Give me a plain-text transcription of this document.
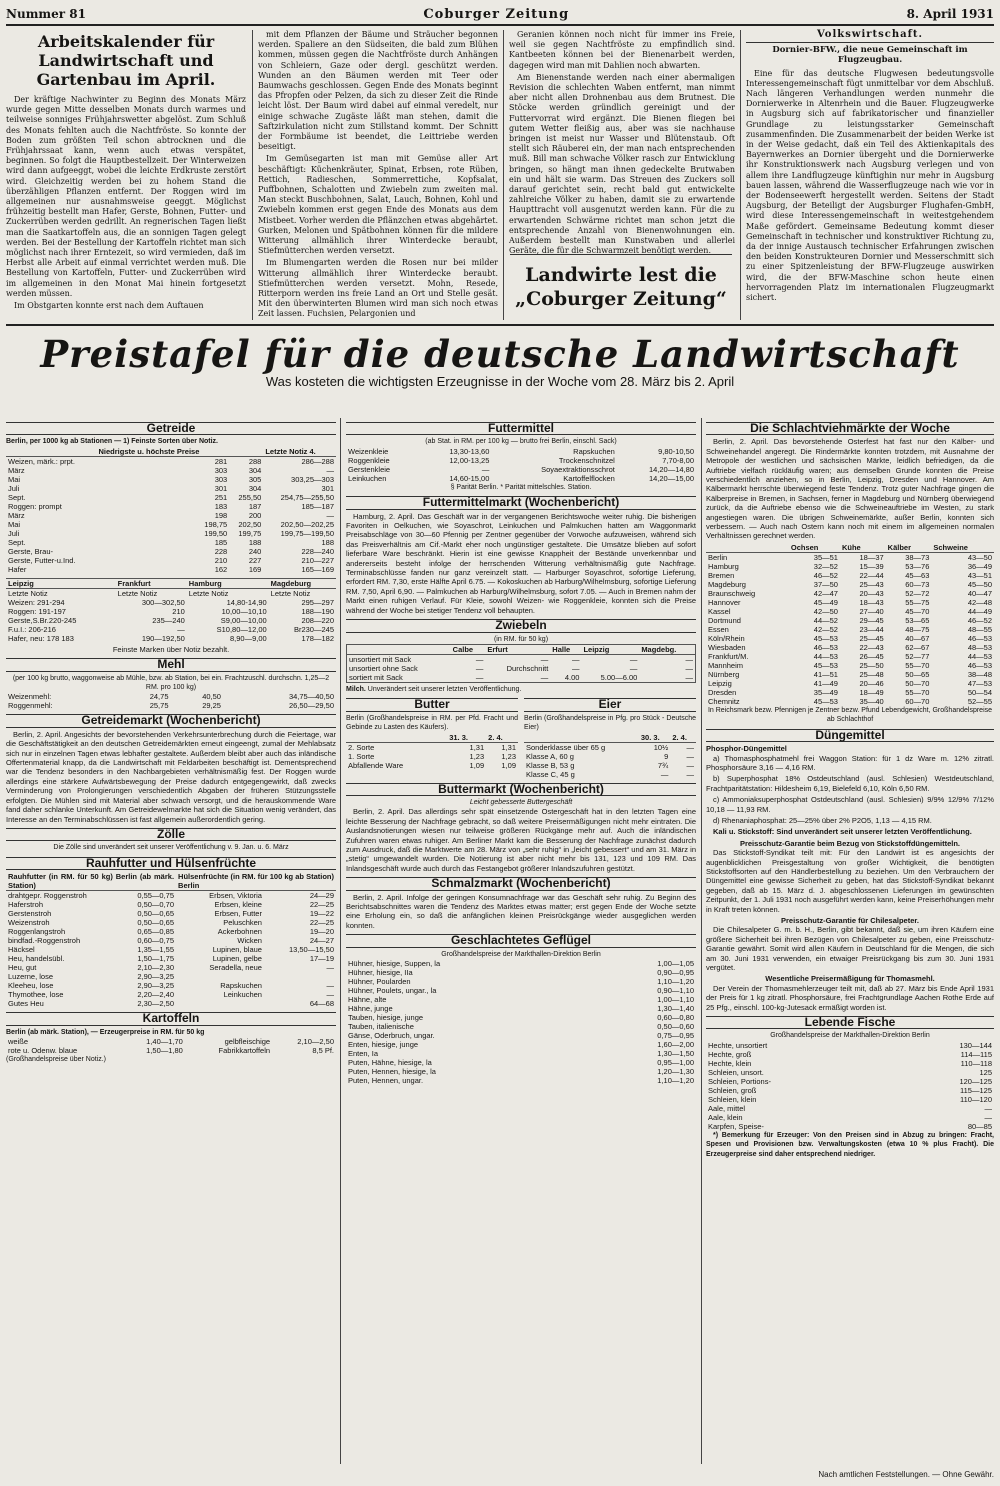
Nummer 81	Coburger Zeitung	8. April 1931
Arbeitskalender für Landwirtschaft und Gartenbau im April.

Der kräftige Nachwinter zu Beginn des Monats März wurde gegen Mitte desselben Monats durch warmes und teilweise sonniges Frühjahrswetter abgelöst. Zum Schluß des Monats fehlten auch die Nachtfröste. So konnte der Boden zum größten Teil schon abtrocknen und die Frühjahrssaat kann, wenn auch etwas verspätet, beginnen. So folgt die Hauptbestellzeit. Der Winterweizen wird dann aufgeeggt, wobei die leichte Erdkruste zerstört wird. Gleichzeitig werden bei zu hohem Stand die überzähligen Pflanzen entfernt. Der Roggen wird im allgemeinen nur ausnahmsweise geeggt. Möglichst frühzeitig bestellt man Hafer, Gerste, Bohnen, Futter- und Zuckerrüben werden gedrillt. An regnerischen Tagen ließt man die Saatkartoffeln aus, die an sonnigen Tagen gelegt werden. Bei der Bestellung der Kartoffeln richtet man sich möglichst nach ihrer Erntezeit, so wird vermieden, daß im Herbst alle Arbeit auf einmal verrichtet werden muß. Die Bestellung von Kartoffeln, Futter- und Zuckerrüben wird im allgemeinen in den Monat Mai hinein fortgesetzt werden müssen.

Im Obstgarten konnte erst nach dem Auftauen

mit dem Pflanzen der Bäume und Sträucher begonnen werden. Spaliere an den Südseiten, die bald zum Blühen kommen, müssen gegen die Nachtfröste durch Anhängen von Schleiern, Gaze oder dergl. geschützt werden. Wunden an den Bäumen werden mit Teer oder Baumwachs geschlossen. Gegen Ende des Monats beginnt das Pfropfen oder Pelzen, da sich zu dieser Zeit die Rinde leicht löst. Der Baum wird dabei auf einmal veredelt, nur einige schwache Zugäste läßt man stehen, damit die Saftzirkulation nicht zum Stillstand kommt. Der Schnitt der Formbäume ist beendet, die Leittriebe werden beseitigt.

Im Gemüsegarten ist man mit Gemüse aller Art beschäftigt: Küchenkräuter, Spinat, Erbsen, rote Rüben, Rettich, Radieschen, Sommerrettiche, Kopfsalat, Puffbohnen, Schalotten und Zwiebeln zum zweiten mal. Man steckt Buschbohnen, Salat, Lauch, Bohnen, Kohl und Zwiebeln kommen erst gegen Ende des Monats aus dem Mistbeet. Vorher werden die Pflänzchen etwas abgehärtet. Gurken, Melonen und Spätbohnen können für die mildere Witterung allmählich ihrer Winterdecke beraubt, Stiefmütterchen werden versetzt.

Im Blumengarten werden die Rosen nur bei milder Witterung allmählich ihrer Winterdecke beraubt. Stiefmütterchen werden versetzt. Mohn, Resede, Ritterporn werden ins freie Land an Ort und Stelle gesät. Mit den überwinterten Blumen wird man sich noch etwas Zeit lassen. Fuchsien, Pelargonien und

Geranien können noch nicht für immer ins Freie, weil sie gegen Nachtfröste zu empfindlich sind. Kantbeeten können bei der Bienenarbeit werden, dagegen wird man mit Dahlien noch abwarten.

Am Bienenstande werden nach einer abermaligen Revision die schlechten Waben entfernt, man nimmt aber nicht allen Drohnenbau aus dem Brutnest. Die Stöcke werden gründlich gereinigt und der Futtervorrat wird ergänzt. Die Bienen fliegen bei gutem Wetter fleißig aus, aber was sie nachhause bringen ist meist nur Wasser und Blütenstaub. Oft stellt sich Räuberei ein, der man nach entsprechenden muß. Bill man schwache Völker rasch zur Entwicklung bringen, so hängt man ihnen gedeckelte Brutwaben ein und hält sie warm. Das Streuen des Zuckers soll darauf gerichtet sein, recht bald gut entwickelte zahlreiche Völker zu haben, damit sie zu erwartende Haupttracht voll ausgenutzt werden kann. Für die zu erwartenden Schwärme richtet man schon jetzt die entsprechende Anzahl von Bienenwohnungen ein. Außerdem bestellt man Kunstwaben und allerlei Geräte, die für die Schwarmzeit benötigt werden.

Landwirte lest die
„Coburger Zeitung“
Volkswirtschaft.
Dornier-BFW., die neue Gemeinschaft im Flugzeugbau.

Eine für das deutsche Flugwesen bedeutungsvolle Interessengemeinschaft fügt unmittelbar vor dem Abschluß. Nach längeren Verhandlungen werden nunmehr die Dornierwerke in Altenrhein und die Bauer. Flugzeugwerke in Augsburg sich auf fabrikatorischer und finanzieller Grundlage zu leistungsstarker Gemeinschaft zusammenfinden. Die Zusammenarbeit der beiden Werke ist in der Weise gedacht, daß ein Teil des Aktienkapitals des Bayernwerkes an Dornier übergeht und die Dornierwerke ihr Konstruktionswerk nach Augsburg verlegen und von allem ihre Landflugzeuge künftighin nur mehr in Augsburg bauen lassen, während die Wasserflugzeuge nach wie vor in der Bodenseewerft hergestellt werden. Seitens der Stadt Augsburg, der Beteiligt der Augsburger Flughafen-GmbH, wird diese Interessengemeinschaft in weitestgehendem Maße gefördert. Gemeinsame Bedeutung kommt dieser Gemeinschaft in technischer und konstruktiver Richtung zu, da der innige Austausch technischer Erfahrungen zwischen den beiden Konstrukteuren Dornier und Messerschmitt sich zu einer Spitzenleistung der BFW-Flugzeuge auswirken wird, die der BFW-Maschine schon heute einen hervorragenden Platz im internationalen Flugzeugmarkt sichert.

Preistafel für die deutsche Landwirtschaft
Was kosteten die wichtigsten Erzeugnisse in der Woche vom 28. März bis 2. April
Getreide
Berlin, per 1000 kg ab Stationen — 1) Feinste Sorten über Notiz.
	Niedrigste u. höchste Preise		Letzte Notiz 4.
Weizen, märk.: prpt.	281	288	286—288
März	303	304	—
Mai	303	305	303,25—303
Juli	301	304	301
Sept.	251	255,50	254,75—255,50
Roggen: prompt	183	187	185—187
März	198	200	—
Mai	198,75	202,50	202,50—202,25
Juli	199,50	199,75	199,75—199,50
Sept.	185	188	188
Gerste, Brau-	228	240	228—240
Gerste, Futter-u.Ind.	210	227	210—227
Hafer	162	169	165—169
Leipzig	Frankfurt	Hamburg	Magdeburg
Letzte Notiz	Letzte Notiz	Letzte Notiz	Letzte Notiz
Weizen: 291-294	300—302,50	14,80-14,90	295—297
Roggen: 191-197	210	10,00—10,10	188—190
Gerste,S.Br.220-245	235—240	S9,00—10,00	208—220
F.u.I.: 206-216	—	S10,80—12,00	Br230—245
Hafer, neu: 178 183	190—192,50	8,90—9,00	178—182
Feinste Marken über Notiz bezahlt.
Mehl
(per 100 kg brutto, waggonweise ab Mühle, bzw. ab Station, bei ein. Frachtzuschl. durchschn. 1,25—2 RM. pro 100 kg)
Weizenmehl:	24,75	40,50	34,75—40,50
Roggenmehl:	25,75	29,25	26,50—29,50
Getreidemarkt (Wochenbericht)

Berlin, 2. April. Angesichts der bevorstehenden Verkehrsunterbrechung durch die Feiertage, war die Geschäftstätigkeit an den deutschen Getreidemärkten erneut eingeengt, zumal der Mehlabsatz sich nur in einzelnen Tagen etwas lebhafter gestaltete. Außerdem bleibt aber auch das inländische Offertenmaterial knapp, da die Landwirtschaft mit Feldarbeiten beschäftigt ist. Dementsprechend war die Tendenz besonders in den Nachbargebieten verhältnismäßig fest. Der Roggen wurde allerdings eine stärkere Aufwärtsbewegung der Preise dadurch entgegengewirkt, daß zwecks Verminderung von Prolongierungen verschiedentlich Abgaben der früheren Stützungsstelle erfolgten. Die Mühlen sind mit Material aber schwach versorgt, und die herauskommende Ware fand daher schlanke Unterkunft. Am Getreidewelmarkte hat sich die Situation wenig verändert, das Interesse an den Terminabschlüssen ist fast allgemein außerordentlich gering.

Zölle
Die Zölle sind unverändert seit unserer Veröffentlichung v. 9. Jan. u. 6. März
Rauhfutter und Hülsenfrüchte
Rauhfutter (in RM. für 50 kg) Berlin (ab märk. Station)		Hülsenfrüchte (in RM. für 100 kg ab Station) Berlin	
drahtgepr. Roggenstroh	0,55—0,75	Erbsen, Viktoria	24—29
Haferstroh	0,50—0,70	Erbsen, kleine	22—25
Gerstenstroh	0,50—0,65	Erbsen, Futter	19—22
Weizenstroh	0,50—0,65	Peluschken	22—25
Roggenlangstroh	0,65—0,85	Ackerbohnen	19—20
bindfad.-Roggenstroh	0,60—0,75	Wicken	24—27
Häcksel	1,35—1,55	Lupinen, blaue	13,50—15,50
Heu, handelsübl.	1,50—1,75	Lupinen, gelbe	17—19
Heu, gut	2,10—2,30	Seradella, neue	—
Luzerne, lose	2,90—3,25		
Kleeheu, lose	2,90—3,25	Rapskuchen	—
Thymothee, lose	2,20—2,40	Leinkuchen	—
Gutes Heu	2,30—2,50		64—68
Kartoffeln
Berlin (ab märk. Station), — Erzeugerpreise in RM. für 50 kg
weiße	1,40—1,70	gelbfleischige	2,10—2,50
rote u. Odenw. blaue	1,50—1,80	Fabrikkartoffeln	8,5 Pf.
(Großhandelspreise über Notiz.)
Futtermittel
(ab Stat. in RM. per 100 kg — brutto frei Berlin, einschl. Sack)
Weizenkleie	13,30-13,60	Rapskuchen	9,80-10,50
Roggenkleie	12,00-13,25	Trockenschnitzel	7,70-8,00
Gerstenkleie	—	Soyaextraktionsschrot	14,20—14,80
Leinkuchen	14,60-15,00	Kartoffelflocken	14,20—15,00
§ Parität Berlin. * Parität mittelschles. Station.
Futtermittelmarkt (Wochenbericht)

Hamburg, 2. April. Das Geschäft war in der vergangenen Berichtswoche weiter ruhig. Die bisherigen Favoriten in Oelkuchen, wie Soyaschrot, Leinkuchen und Palmkuchen hatten am Waggonmarkt Preisabschläge von 30—60 Pfennig per Zentner gegenüber der Vorwoche aufzuweisen, während sich das Preisverhältnis am Cif.-Markt eher noch ungünstiger gestaltete. Die Umsätze blieben auf sofort lieferbare Ware beschränkt. Hierin ist eine gewisse Knappheit der Bestände unverkennbar und andererseits besteht infolge der herrschenden Witterung verhältnismäßig gute Nachfrage. Terminabschlüsse fanden nur ganz vereinzelt statt. — Harburger Soyaschrot, sofortige Lieferung, erfordert RM. 7,30, erste Hälfte April 6.75. — Kokoskuchen ab Harburg/Wilhelmsburg, sofortige Lieferung RM. 7,50, April 6,90. — Palmkuchen ab Harburg/Wilhelmsburg, sofort 7.05. — Auch in Bremen nahm der Markt einen ruhigen Verlauf. Für Kleie, sowohl Weizen- wie Roggenkleie, konnten sich die Preise während der Woche bei stetiger Tendenz voll behaupten.

Zwiebeln
(in RM. für 50 kg)
	Calbe	Erfurt	Halle	Leipzig	Magdebg.
unsortiert mit Sack	—	—	—	—	—
unsortiert ohne Sack	—	Durchschnitt	—	—	—
sortiert mit Sack	—	—	4.00	5.00—6.00	—
Milch. Unverändert seit unserer letzten Veröffentlichung.
Butter
Berlin (Großhandelspreise in RM. per Pfd. Fracht und Gebinde zu Lasten des Käufers).
	31. 3.	2. 4.
2. Sorte	1,31	1,31
1. Sorte	1,23	1,23
Abfallende Ware	1,09	1,09
Eier
Berlin (Großhandelspreise in Pfg. pro Stück - Deutsche Eier)
	30. 3.	2. 4.
Sonderklasse über 65 g	10½	—
Klasse A, 60 g	9	—
Klasse B, 53 g	7¾	—
Klasse C, 45 g	—	—
Buttermarkt (Wochenbericht)
Leicht gebesserte Buttergeschäft

Berlin, 2. April. Das allerdings sehr spät einsetzende Ostergeschäft hat in den letzten Tagen eine leichte Besserung der Nachfrage gebracht, so daß weitere Preisermäßigungen nicht mehr eintraten. Die Auslandsnotierungen wiesen nur teilweise größeren Rückgänge mehr auf. Auch die inländischen Zufuhren waren etwas ruhiger. Am Berliner Markt kam die Besserung der Nachfrage zunächst dadurch zum Ausdruck, daß die Marktwerte am 28. März von „sehr ruhig“ in „leicht gebessert“ und am 31. März in „stetig“ umgewandelt wurden. Die Notierung ist aber nicht mehr bis 131, 123 und 109 RM. Das Inlandsgeschäft wurde auch durch das Festangebot größerer Inlandszufuhren gestützt.

Schmalzmarkt (Wochenbericht)

Berlin, 2. April. Infolge der geringen Konsumnachfrage war das Geschäft sehr ruhig. Zu Beginn des Berichtsabschnittes waren die Tendenz des Marktes etwas matter; erst gegen Ende der Woche setzte eine Erholung ein, so daß die anfänglichen kleinen Preisrückgänge wieder ausgeglichen werden konnten.

Geschlachtetes Geflügel
Großhandelspreise der Markthallen-Direktion Berlin
Hühner, hiesige, Suppen, la	1,00—1,05
Hühner, hiesige, IIa	0,90—0,95
Hühner, Poularden	1,10—1,20
Hühner, Poulets, ungar., la	0,90—1,10
Hähne, alte	1,00—1,10
Hähne, junge	1,30—1,40
Tauben, hiesige, junge	0,60—0,80
Tauben, italienische	0,50—0,60
Gänse, Oderbruch, ungar.	0,75—0,95
Enten, hiesige, junge	1,60—2,00
Enten, Ia	1,30—1,50
Puten, Hähne, hiesige, la	0,95—1,00
Puten, Hennen, hiesige, la	1,20—1,30
Puten, Hennen, ungar.	1,10—1,20
Die Schlachtviehmärkte der Woche

Berlin, 2. April. Das bevorstehende Osterfest hat fast nur den Kälber- und Schweinehandel angeregt. Die Rindermärkte konnten trotzdem, mit Ausnahme der Metropole der westlichen und sächsischen Märkte, leidlich befriedigen, da die Auftriebe vielfach rückläufig waren; aus demselben Grunde konnten die Preise verschiedentlich anziehen, so in Berlin, Leipzig, Dresden und Hannover. Am Kälbermarkt herrschte überwiegend feste Tendenz. Trotz guter Nachfrage gingen die Kälberpreise in Bremen, in Sachsen, ferner in Magdeburg und Nürnberg überwiegend zurück, da die Auftriebe ebenso wie die Schweineauftriebe im Westen, zu stark angestiegen waren. Die übrigen Schweinemärkte, außer Berlin, konnten sich verbessern. — Auch nach Ostern kann noch mit einem im allgemeinen normalen Verhältnissen gerechnet werden.

	Ochsen	Kühe	Kälber	Schweine
Berlin	35—51	18—37	38—73	43—50
Hamburg	32—52	15—39	53—76	36—49
Bremen	46—52	22—44	45—63	43—51
Magdeburg	37—50	25—43	60—73	45—50
Braunschweig	42—47	20—43	52—72	40—47
Hannover	45—49	18—43	55—75	42—48
Kassel	42—50	27—40	45—70	44—49
Dortmund	44—52	29—45	53—65	46—52
Essen	42—52	23—44	48—75	48—55
Köln/Rhein	45—53	25—45	40—67	46—53
Wiesbaden	46—53	22—43	62—67	48—53
Frankfurt/M.	44—53	26—45	52—77	44—53
Mannheim	45—53	25—50	55—70	46—53
Nürnberg	41—51	25—48	50—65	38—48
Leipzig	41—49	20—46	50—70	47—53
Dresden	35—49	18—49	55—70	50—54
Chemnitz	45—53	35—40	60—70	52—55
In Reichsmark bezw. Pfennigen je Zentner bezw. Pfund Lebendgewicht, Großhandelspreise ab Schlachthof
Düngemittel
Phosphor-Düngemittel

a) Thomasphosphatmehl frei Waggon Station: für 1 dz Ware m. 12% zitratl. Phosphorsäure 3,16 — 4,16 RM.

b) Superphosphat 18% Ostdeutschland (ausl. Schlesien) Westdeutschland, Frachtparitätstation: Hildesheim 6,19, Bielefeld 6,10, Köln 6,50 RM.

c) Ammoniaksuperphosphat Ostdeutschland (ausl. Schlesien) 9/9% 12/9% 7/12% 10,18 — 11,93 RM.

d) Rhenaniaphosphat: 25—25% über 2% P2O5, 1,13 — 4,15 RM.

Kali u. Stickstoff: Sind unverändert seit unserer letzten Veröffentlichung.

Preisschutz-Garantie beim Bezug von Stickstoffdüngemitteln.

Das Stickstoff-Syndikat teilt mit: Für den Landwirt ist es angesichts der augenblicklichen Preisgestaltung von großer Wichtigkeit, die benötigten Stickstoffsorten auf den Händlerbestellung zu beziehen. Um den Verbrauchern der Düngemittel eine gewisse Sicherheit zu geben, hat das Stickstoff-Syndikat bekannt gegeben, daß ab 15. März d. J. abgeschlossenen Lieferungen im gewünschten Zeitpunkt, der 1. Juli 1931 noch ausgeführt werden kann, keine Preiserhöhungen mehr in Kraft treten können.

Preisschutz-Garantie für Chilesalpeter.

Die Chilesalpeter G. m. b. H., Berlin, gibt bekannt, daß sie, um ihren Käufern eine größere Sicherheit bei ihren Bezügen von Chilesalpeter zu geben, eine Preisschutz-Garantie gewährt. Somit wird allen Käufern in Deutschland für die Mengen, die sich am 30. Juni 1931 verwenden, ein etwaiger Preisrückgang bis zum 30. Juni 1931 vergütet.

Wesentliche Preisermäßigung für Thomasmehl.

Der Verein der Thomasmehlerzeuger teilt mit, daß ab 27. März bis Ende April 1931 der Preis für 1 kg zitratl. Phosphorsäure, frei Frachtgrundlage Aachen Rothe Erde auf 25 Pfg., einschl. 100-kg-Jutesack ermäßigt worden ist.

Lebende Fische
Großhandelspreise der Markthallen-Direktion Berlin
Hechte, unsortiert	130—144
Hechte, groß	114—115
Hechte, klein	110—118
Schleien, unsort.	125
Schleien, Portions-	120—125
Schleien, groß	115—125
Schleien, klein	110—120
Aale, mittel	—
Aale, klein	—
Karpfen, Speise-	80—85

*) Bemerkung für Erzeuger: Von den Preisen sind in Abzug zu bringen: Fracht, Spesen und Provisionen bzw. Verwaltungskosten (etwa 10 % plus Fracht). Die Erzeugerpreise sind daher entsprechend niedriger.

Nach amtlichen Feststellungen. — Ohne Gewähr.
